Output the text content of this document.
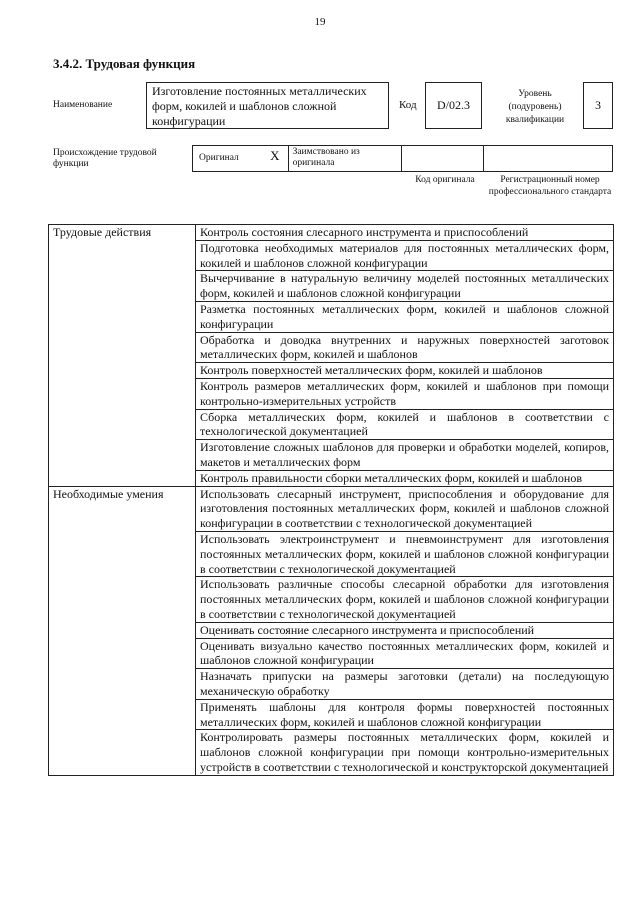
19
3.4.2. Трудовая функция
Наименование
Изготовление постоянных металлических форм, кокилей и шаблонов сложной конфигурации
Код	D/02.3
Уровень (подуровень) квалификации
3
Происхождение трудовой функции
Оригинал X	Заимствовано из оригинала
Код оригинала	Регистрационный номер профессионального стандарта
Трудовые действия	Контроль состояния слесарного инструмента и приспособлений
	Подготовка необходимых материалов для постоянных металлических форм, кокилей и шаблонов сложной конфигурации
	Вычерчивание в натуральную величину моделей постоянных металлических форм, кокилей и шаблонов сложной конфигурации
	Разметка постоянных металлических форм, кокилей и шаблонов сложной конфигурации
	Обработка и доводка внутренних и наружных поверхностей заготовок металлических форм, кокилей и шаблонов
	Контроль поверхностей металлических форм, кокилей и шаблонов
	Контроль размеров металлических форм, кокилей и шаблонов при помощи контрольно-измерительных устройств
	Сборка металлических форм, кокилей и шаблонов в соответствии с технологической документацией
	Изготовление сложных шаблонов для проверки и обработки моделей, копиров, макетов и металлических форм
	Контроль правильности сборки металлических форм, кокилей и шаблонов
Необходимые умения	Использовать слесарный инструмент, приспособления и оборудование для изготовления постоянных металлических форм, кокилей и шаблонов сложной конфигурации в соответствии с технологической документацией
	Использовать электроинструмент и пневмоинструмент для изготовления постоянных металлических форм, кокилей и шаблонов сложной конфигурации в соответствии с технологической документацией
	Использовать различные способы слесарной обработки для изготовления постоянных металлических форм, кокилей и шаблонов сложной конфигурации в соответствии с технологической документацией
	Оценивать состояние слесарного инструмента и приспособлений
	Оценивать визуально качество постоянных металлических форм, кокилей и шаблонов сложной конфигурации
	Назначать припуски на размеры заготовки (детали) на последующую механическую обработку
	Применять шаблоны для контроля формы поверхностей постоянных металлических форм, кокилей и шаблонов сложной конфигурации
	Контролировать размеры постоянных металлических форм, кокилей и шаблонов сложной конфигурации при помощи контрольно-измерительных устройств в соответствии с технологической и конструкторской документацией
